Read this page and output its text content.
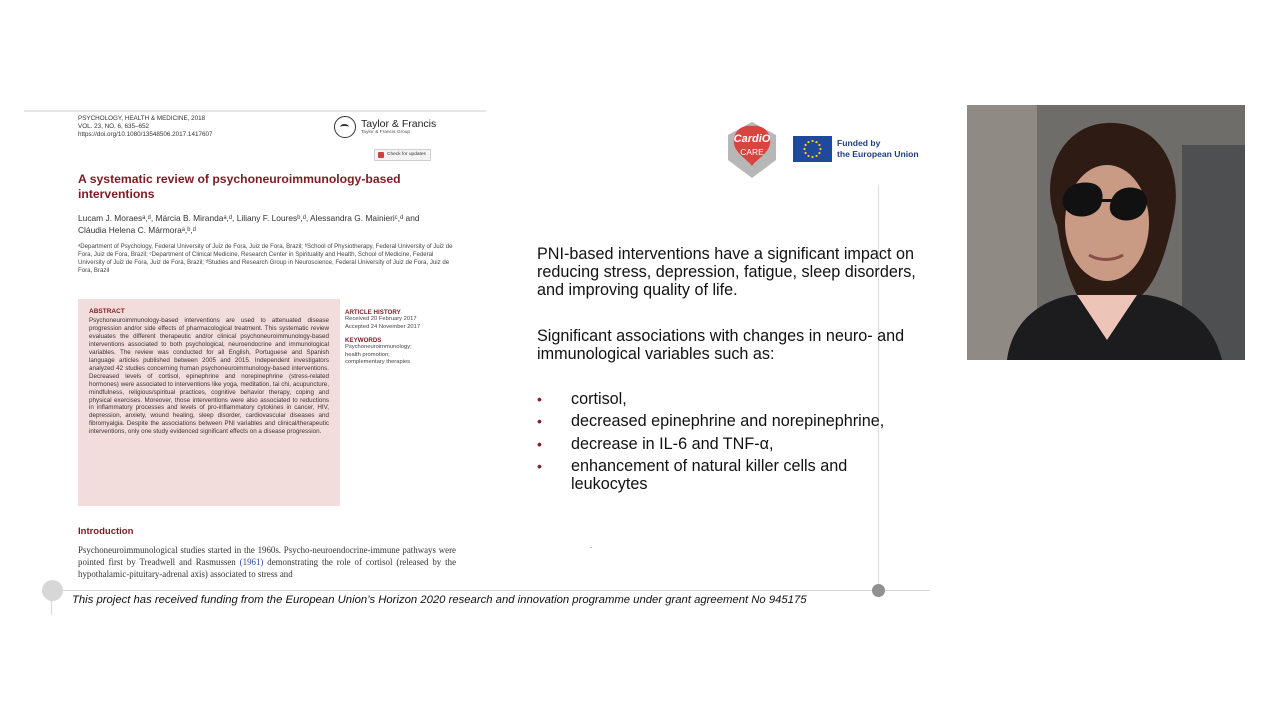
PSYCHOLOGY, HEALTH & MEDICINE, 2018
VOL. 23, NO. 6, 635–652
https://doi.org/10.1080/13548506.2017.1417607
Taylor & Francis
Taylor & Francis Group
Check for updates
A systematic review of psychoneuroimmunology-based interventions
Lucam J. Moraesᵃ,ᵈ, Márcia B. Mirandaᵃ,ᵈ, Liliany F. Louresᵇ,ᵈ, Alessandra G. Mainieriᶜ,ᵈ and Cláudia Helena C. Mármoraᵃ,ᵇ,ᵈ
ᵃDepartment of Psychology, Federal University of Juiz de Fora, Juiz de Fora, Brazil; ᵇSchool of Physiotherapy, Federal University of Juiz de Fora, Juiz de Fora, Brazil; ᶜDepartment of Clinical Medicine, Research Center in Spirituality and Health, School of Medicine, Federal University of Juiz de Fora, Juiz de Fora, Brazil; ᵈStudies and Research Group in Neuroscience, Federal University of Juiz de Fora, Juiz de Fora, Brazil
ABSTRACT
Psychoneuroimmunology-based interventions are used to attenuated disease progression and/or side effects of pharmacological treatment. This systematic review evaluates the different therapeutic and/or clinical psychoneuroimmunology-based interventions associated to both psychological, neuroendocrine and immunological variables. The review was conducted for all English, Portuguese and Spanish language articles published between 2005 and 2015. Independent investigators analyzed 42 studies concerning human psychoneuroimmunology-based interventions. Decreased levels of cortisol, epinephrine and norepinephrine (stress-related hormones) were associated to interventions like yoga, meditation, tai chi, acupuncture, mindfulness, religious/spiritual practices, cognitive behavior therapy, coping and physical exercises. Moreover, those interventions were also associated to reductions in inflammatory processes and levels of pro-inflammatory cytokines in cancer, HIV, depression, anxiety, wound healing, sleep disorder, cardiovascular diseases and fibromyalgia. Despite the associations between PNI variables and clinical/therapeutic interventions, only one study evidenced significant effects on a disease progression.
ARTICLE HISTORY
Received 20 February 2017
Accepted 24 November 2017
KEYWORDS
Psychoneuroimmunology;
health promotion;
complementary therapies
Introduction
Psychoneuroimmunological studies started in the 1960s. Psycho-neuroendocrine-immune pathways were pointed first by Treadwell and Rasmussen (1961) demonstrating the role of cortisol (released by the hypothalamic-pituitary-adrenal axis) associated to stress and
CardiO
CARE
Funded by
the European Union
PNI-based interventions have a significant impact on reducing stress, depression, fatigue, sleep disorders, and improving quality of life.
Significant associations with changes in neuro- and immunological variables such as:
• cortisol,
• decreased epinephrine and norepinephrine,
• decrease in IL-6 and TNF-α,
• enhancement of natural killer cells and leukocytes
This project has received funding from the European Union’s Horizon 2020 research and innovation programme under grant agreement No 945175
